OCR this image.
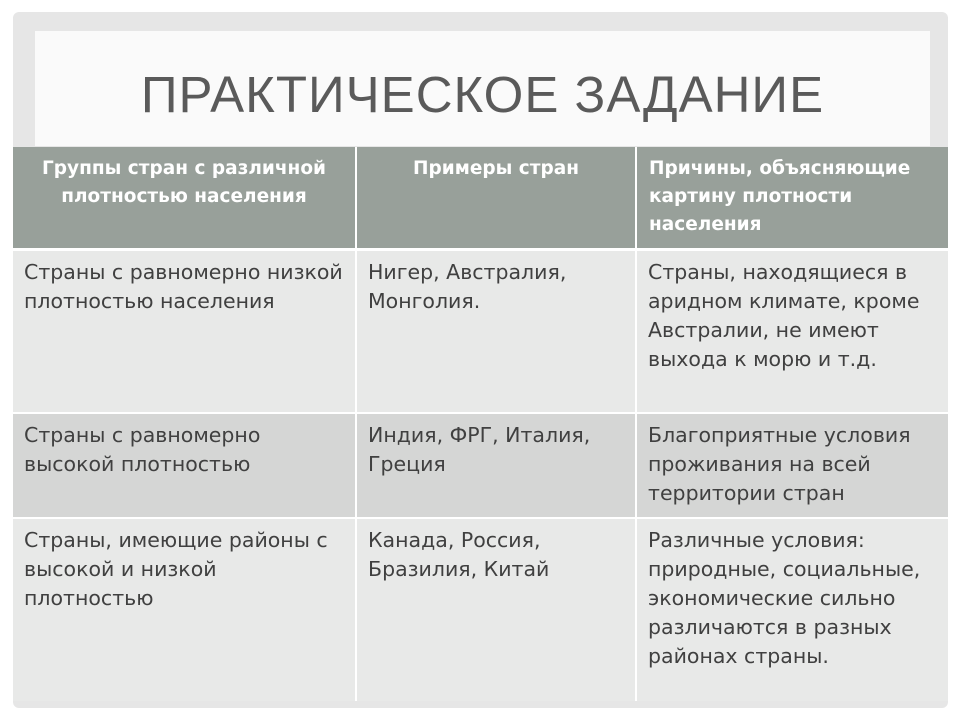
ПРАКТИЧЕСКОЕ ЗАДАНИЕ
Группы стран с различной плотностью населения	Примеры стран	Причины, объясняющие картину плотности населения
Страны с равномерно низкой плотностью населения	Нигер, Австралия, Монголия.	Страны, находящиеся в аридном климате, кроме Австралии, не имеют выхода к морю и т.д.
Страны с равномерно высокой плотностью	Индия, ФРГ, Италия, Греция	Благоприятные условия проживания на всей территории стран
Страны, имеющие районы с высокой и низкой плотностью	Канада, Россия, Бразилия, Китай	Различные условия: природные, социальные, экономические сильно различаются в разных районах страны.
